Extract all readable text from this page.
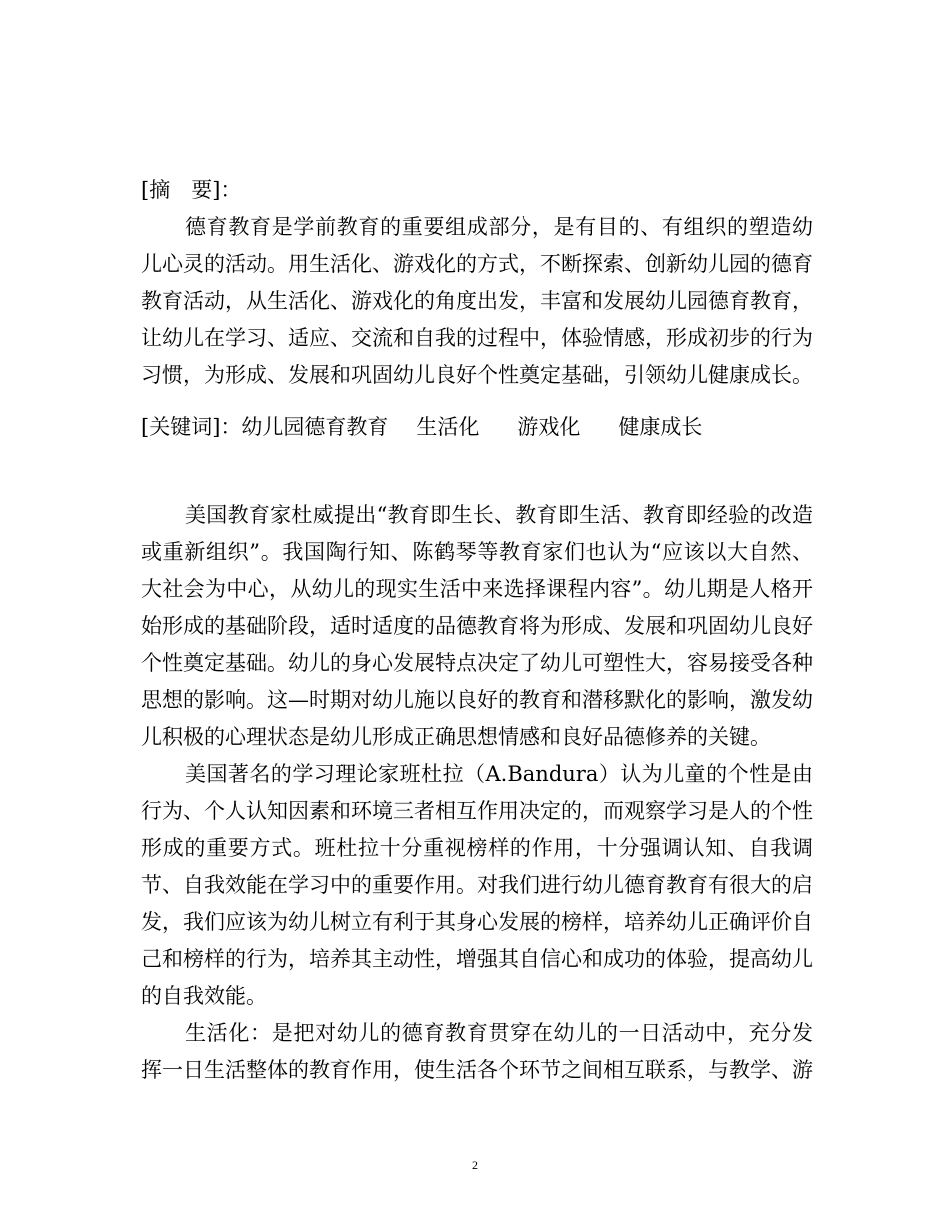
[摘　要]：

德育教育是学前教育的重要组成部分，是有目的、有组织的塑造幼儿心灵的活动。用生活化、游戏化的方式，不断探索、创新幼儿园的德育教育活动，从生活化、游戏化的角度出发，丰富和发展幼儿园德育教育，让幼儿在学习、适应、交流和自我的过程中，体验情感，形成初步的行为习惯，为形成、发展和巩固幼儿良好个性奠定基础，引领幼儿健康成长。

[关键词]：幼儿园德育教育 生活化 游戏化 健康成长

美国教育家杜威提出“教育即生长、教育即生活、教育即经验的改造或重新组织”。我国陶行知、陈鹤琴等教育家们也认为“应该以大自然、大社会为中心，从幼儿的现实生活中来选择课程内容”。幼儿期是人格开始形成的基础阶段，适时适度的品德教育将为形成、发展和巩固幼儿良好个性奠定基础。幼儿的身心发展特点决定了幼儿可塑性大，容易接受各种思想的影响。这—时期对幼儿施以良好的教育和潜移默化的影响，激发幼儿积极的心理状态是幼儿形成正确思想情感和良好品德修养的关键。

美国著名的学习理论家班杜拉（A.Bandura）认为儿童的个性是由行为、个人认知因素和环境三者相互作用决定的，而观察学习是人的个性形成的重要方式。班杜拉十分重视榜样的作用，十分强调认知、自我调节、自我效能在学习中的重要作用。对我们进行幼儿德育教育有很大的启发，我们应该为幼儿树立有利于其身心发展的榜样，培养幼儿正确评价自己和榜样的行为，培养其主动性，增强其自信心和成功的体验，提高幼儿的自我效能。

生活化：是把对幼儿的德育教育贯穿在幼儿的一日活动中，充分发挥一日生活整体的教育作用，使生活各个环节之间相互联系，与教学、游

2
